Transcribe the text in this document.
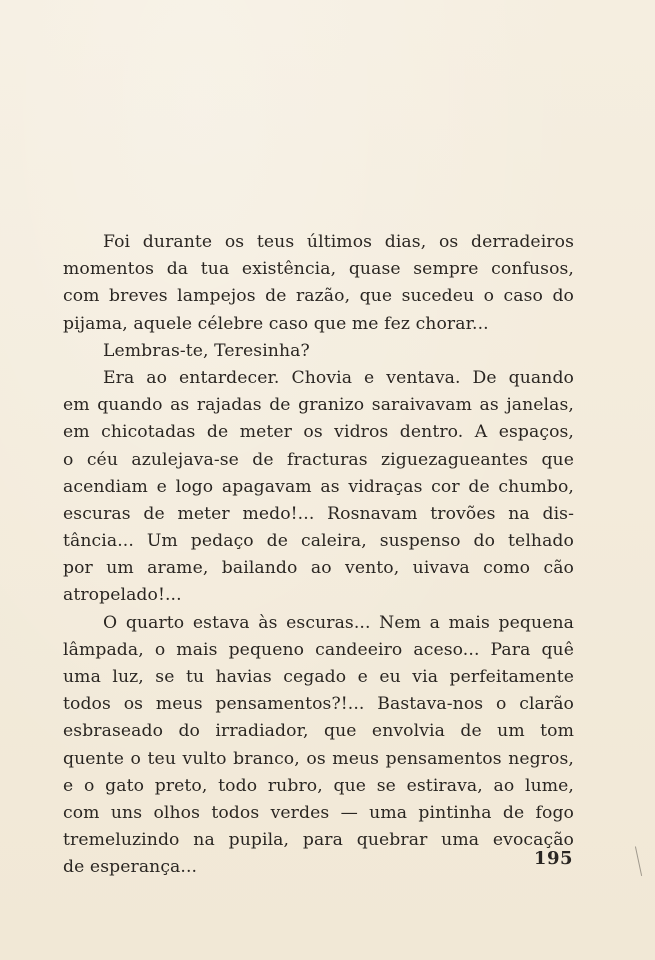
Foi durante os teus últimos dias, os derradeiros
momentos da tua existência, quase sempre confusos,
com breves lampejos de razão, que sucedeu o caso do
pijama, aquele célebre caso que me fez chorar...
Lembras-te, Teresinha?
Era ao entardecer. Chovia e ventava. De quando
em quando as rajadas de granizo saraivavam as janelas,
em chicotadas de meter os vidros dentro. A espaços,
o céu azulejava-se de fracturas ziguezagueantes que
acendiam e logo apagavam as vidraças cor de chumbo,
escuras de meter medo!... Rosnavam trovões na dis-
tância... Um pedaço de caleira, suspenso do telhado
por um arame, bailando ao vento, uivava como cão
atropelado!...
O quarto estava às escuras... Nem a mais pequena
lâmpada, o mais pequeno candeeiro aceso... Para quê
uma luz, se tu havias cegado e eu via perfeitamente
todos os meus pensamentos?!... Bastava-nos o clarão
esbraseado do irradiador, que envolvia de um tom
quente o teu vulto branco, os meus pensamentos negros,
e o gato preto, todo rubro, que se estirava, ao lume,
com uns olhos todos verdes — uma pintinha de fogo
tremeluzindo na pupila, para quebrar uma evocação
de esperança...	195
